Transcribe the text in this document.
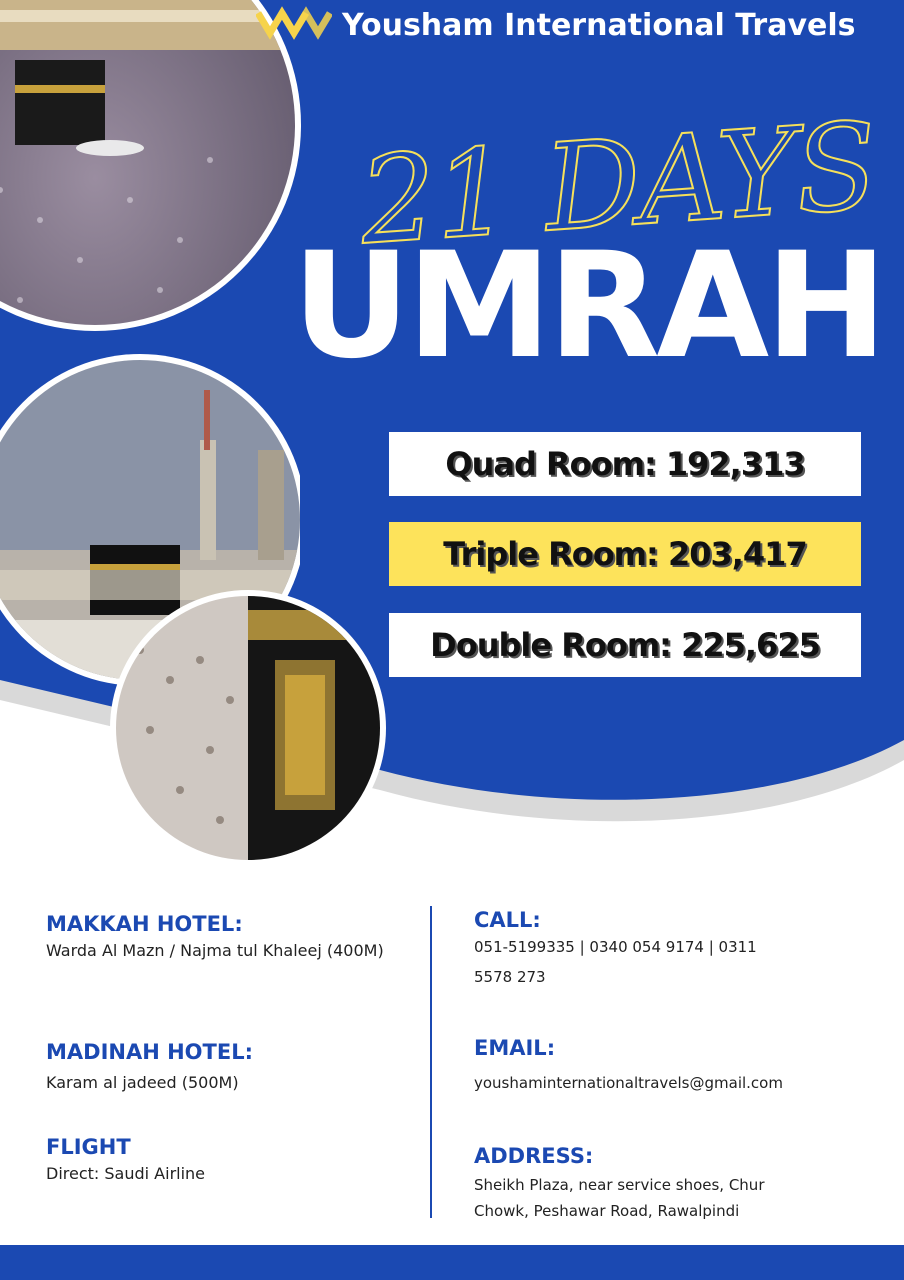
Yousham International Travels
21 DAYS
UMRAH
Quad Room: 192,313
Triple Room: 203,417
Double Room: 225,625

MAKKAH HOTEL:

Warda Al Mazn / Najma tul Khaleej (400M)

MADINAH HOTEL:

Karam al jadeed (500M)

FLIGHT

Direct: Saudi Airline

CALL:

051-5199335 | 0340 054 9174 | 0311 5578 273

EMAIL:

youshaminternationaltravels@gmail.com

ADDRESS:

Sheikh Plaza, near service shoes, Chur Chowk, Peshawar Road, Rawalpindi
